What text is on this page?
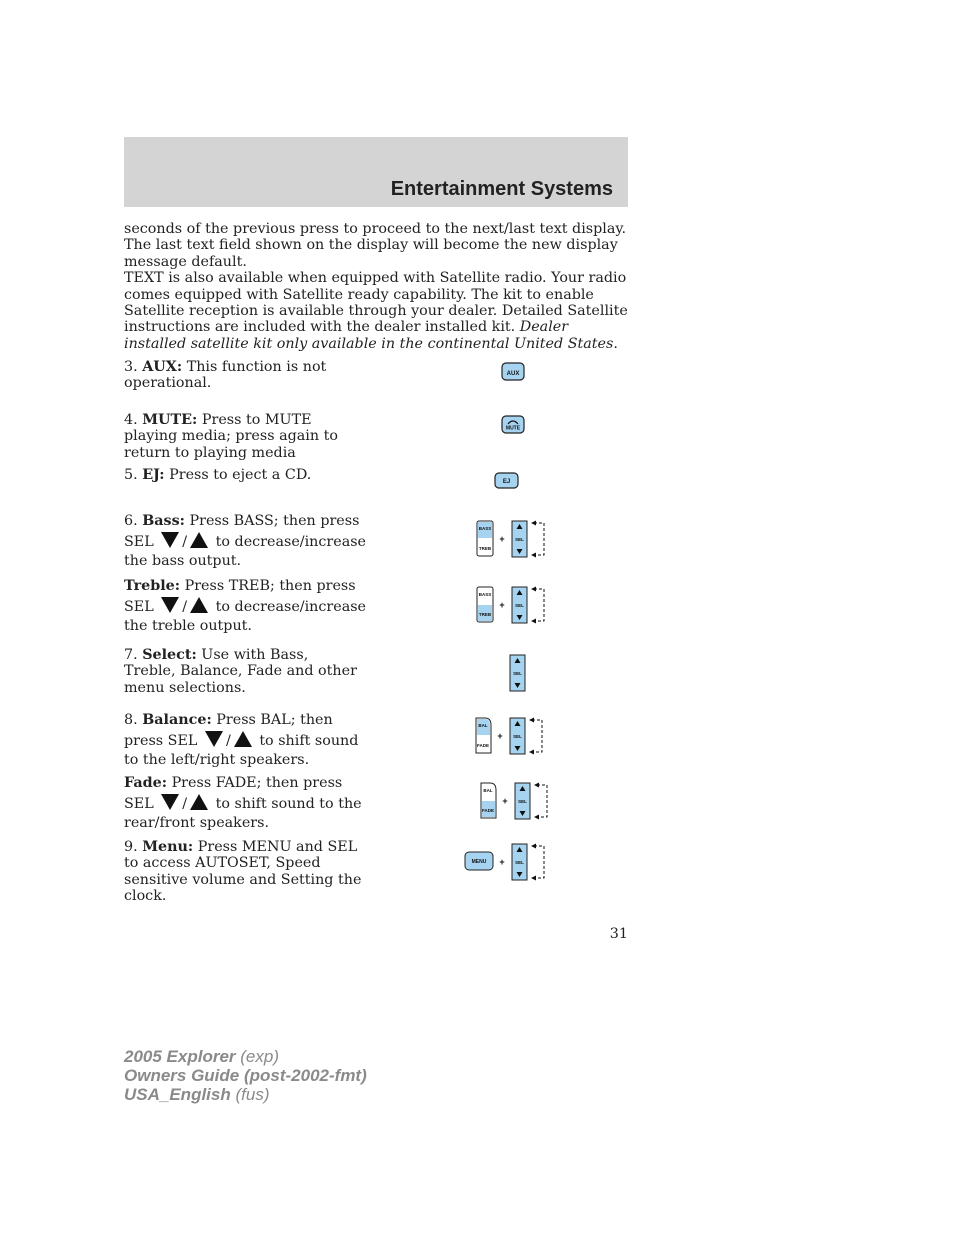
Entertainment Systems

seconds of the previous press to proceed to the next/last text display. The last text field shown on the display will become the new display message default.

TEXT is also available when equipped with Satellite radio. Your radio comes equipped with Satellite ready capability. The kit to enable Satellite reception is available through your dealer. Detailed Satellite instructions are included with the dealer installed kit. Dealer installed satellite kit only available in the continental United States.

3. AUX: This function is not operational.
AUX
4. MUTE: Press to MUTE playing media; press again to return to playing media
MUTE
5. EJ: Press to eject a CD.	EJ
6. Bass: Press BASS; then press SEL / to decrease/increase the bass output.
BASS
TREB
+ SEL
Treble: Press TREB; then press SEL / to decrease/increase the treble output.
BASS
TREB
+ SEL
7. Select: Use with Bass, Treble, Balance, Fade and other menu selections.
SEL
8. Balance: Press BAL; then press SEL / to shift sound to the left/right speakers.
BAL
FADE
+ SEL
Fade: Press FADE; then press SEL / to shift sound to the rear/front speakers.
BAL
FADE
+ SEL
9. Menu: Press MENU and SEL to access AUTOSET, Speed sensitive volume and Setting the clock.
MENU + SEL
31
2005 Explorer (exp)
Owners Guide (post-2002-fmt)
USA_English (fus)
